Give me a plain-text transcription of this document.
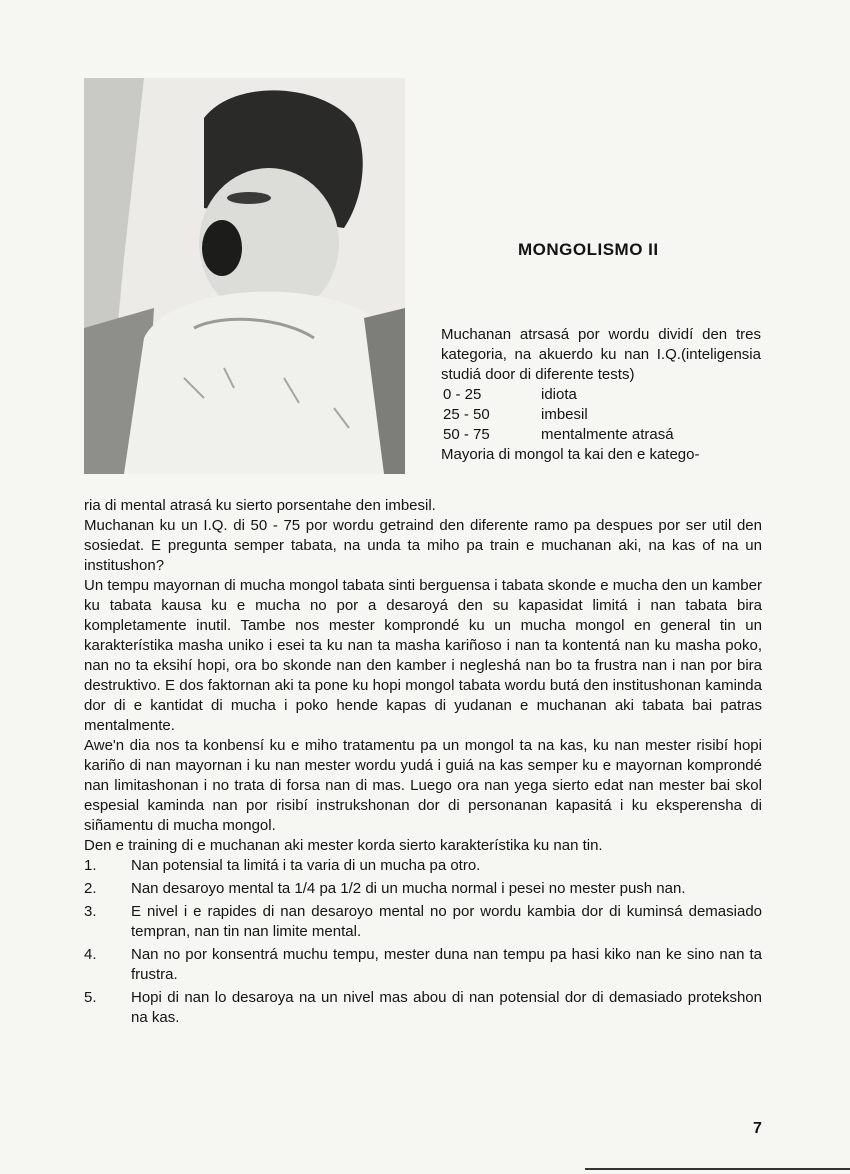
MONGOLISMO II

Muchanan atrsasá por wordu dividí den tres kategoria, na akuerdo ku nan I.Q.(inteligensia studiá door di diferente tests)

0 - 25	idiota
25 - 50	imbesil
50 - 75	mentalmente atrasá

Mayoria di mongol ta kai den e katego-

ria di mental atrasá ku sierto porsentahe den imbesil.

Muchanan ku un I.Q. di 50 - 75 por wordu getraind den diferente ramo pa despues por ser util den sosiedat. E pregunta semper tabata, na unda ta miho pa train e muchanan aki, na kas of na un institushon?

Un tempu mayornan di mucha mongol tabata sinti berguensa i tabata skonde e mucha den un kamber ku tabata kausa ku e mucha no por a desaroyá den su kapasidat limitá i nan tabata bira kompletamente inutil. Tambe nos mester komprondé ku un mucha mongol en general tin un karakterístika masha uniko i esei ta ku nan ta masha kariñoso i nan ta kontentá nan ku masha poko, nan no ta eksihí hopi, ora bo skonde nan den kamber i negleshá nan bo ta frustra nan i nan por bira destruktivo. E dos faktornan aki ta pone ku hopi mongol tabata wordu butá den institushonan kaminda dor di e kantidat di mucha i poko hende kapas di yudanan e muchanan aki tabata bai patras mentalmente.

Awe'n dia nos ta konbensí ku e miho tratamentu pa un mongol ta na kas, ku nan mester risibí hopi kariño di nan mayornan i ku nan mester wordu yudá i guiá na kas semper ku e mayornan komprondé nan limitashonan i no trata di forsa nan di mas. Luego ora nan yega sierto edat nan mester bai skol espesial kaminda nan por risibí instrukshonan dor di personanan kapasitá i ku eksperensha di siñamentu di mucha mongol.

Den e training di e muchanan aki mester korda sierto karakterístika ku nan tin.

1.	Nan potensial ta limitá i ta varia di un mucha pa otro.
2.	Nan desaroyo mental ta 1/4 pa 1/2 di un mucha normal i pesei no mester push nan.
3.	E nivel i e rapides di nan desaroyo mental no por wordu kambia dor di kuminsá demasiado tempran, nan tin nan limite mental.
4.	Nan no por konsentrá muchu tempu, mester duna nan tempu pa hasi kiko nan ke sino nan ta frustra.
5.	Hopi di nan lo desaroya na un nivel mas abou di nan potensial dor di demasiado protekshon na kas.
7
